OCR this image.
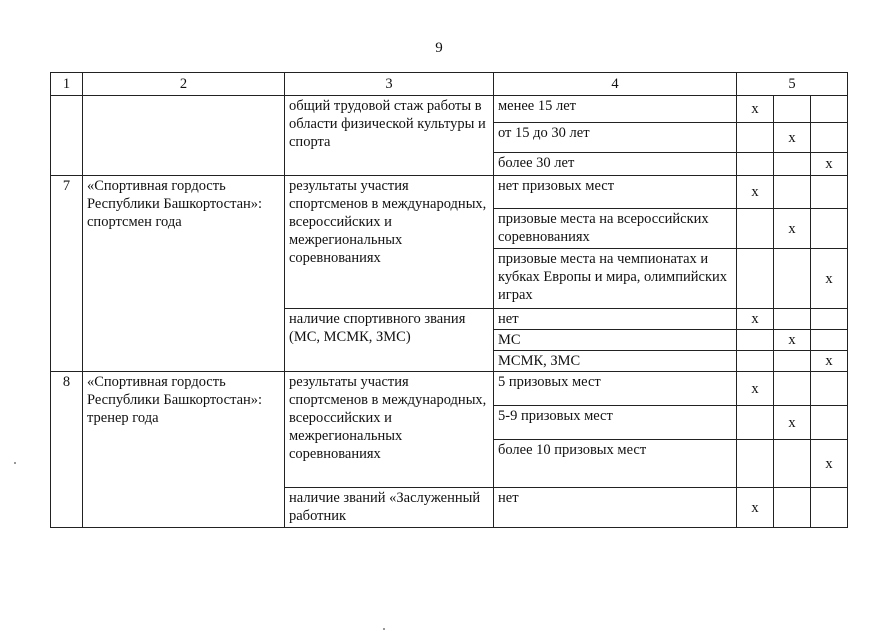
9
1	2	3	4	5		
		общий трудовой стаж работы в области физической культуры и спорта	менее 15 лет	х		
			от 15 до 30 лет		х	
			более 30 лет			х
7	«Спортивная гордость Республики Башкортостан»: спортсмен года	результаты участия спортсменов в международных, всероссийских и межрегиональных соревнованиях	нет призовых мест	х		
			призовые места на всероссийских соревнованиях		х	
			призовые места на чемпионатах и кубках Европы и мира, олимпийских играх			х
		наличие спортивного звания (МС, МСМК, ЗМС)	нет	х		
			МС		х	
			МСМК, ЗМС			х
8	«Спортивная гордость Республики Башкортостан»: тренер года	результаты участия спортсменов в международных, всероссийских и межрегиональных соревнованиях	5 призовых мест	х		
			5-9 призовых мест		х	
			более 10 призовых мест			х
		наличие званий «Заслуженный работник	нет	х		
